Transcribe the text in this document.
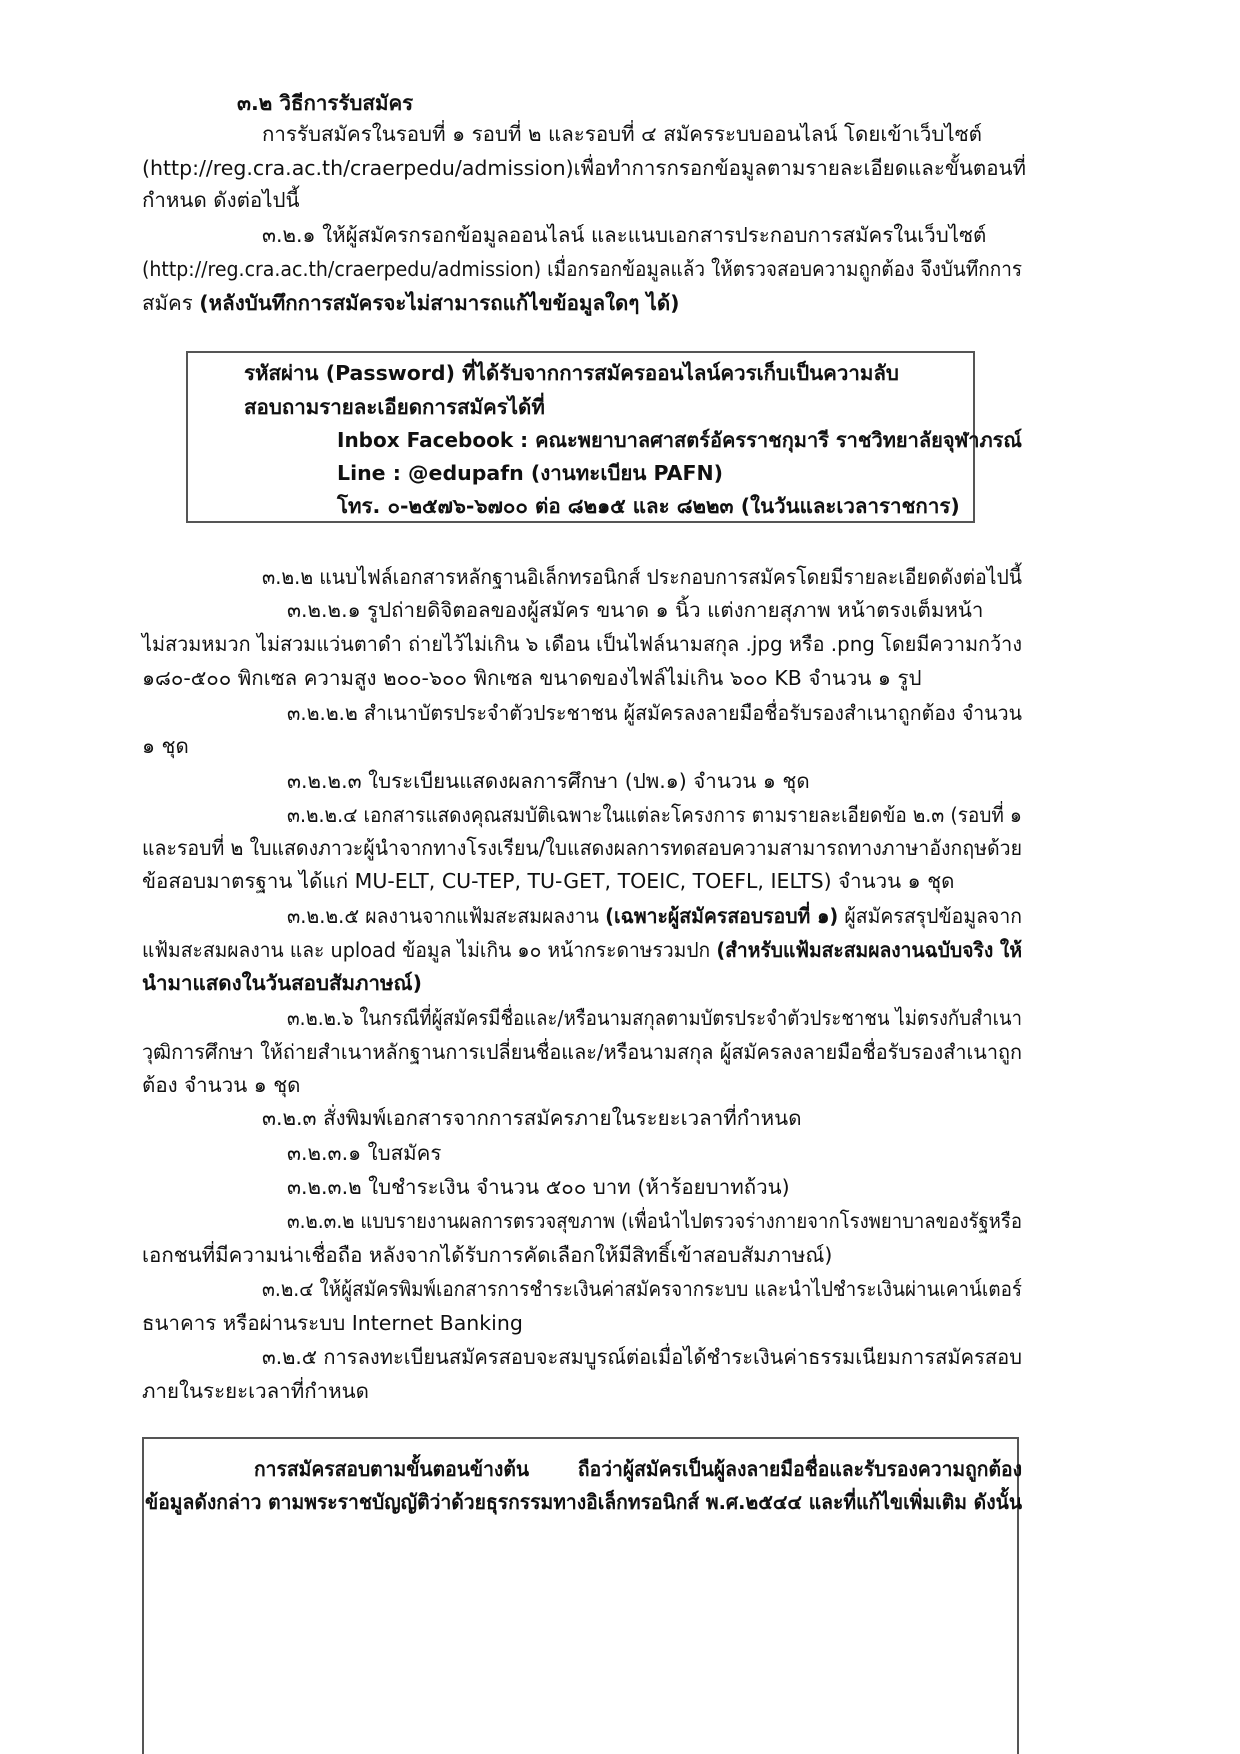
๓.๒ วิธีการรับสมัคร
การรับสมัครในรอบที่ ๑ รอบที่ ๒ และรอบที่ ๔ สมัครระบบออนไลน์ โดยเข้าเว็บไซต์
(http://reg.cra.ac.th/craerpedu/admission) เพื่อทำการกรอกข้อมูลตามรายละเอียด และขั้นตอนที่
กำหนด ดังต่อไปนี้
๓.๒.๑ ให้ผู้สมัครกรอกข้อมูลออนไลน์ และแนบเอกสารประกอบการสมัครในเว็บไซต์
(http://reg.cra.ac.th/craerpedu/admission) เมื่อกรอกข้อมูลแล้ว ให้ตรวจสอบความถูกต้อง จึงบันทึกการ
สมัคร (หลังบันทึกการสมัครจะไม่สามารถแก้ไขข้อมูลใดๆ ได้)
รหัสผ่าน (Password) ที่ได้รับจากการสมัครออนไลน์ควรเก็บเป็นความลับ
สอบถามรายละเอียดการสมัครได้ที่
Inbox Facebook : คณะพยาบาลศาสตร์อัครราชกุมารี ราชวิทยาลัยจุฬาภรณ์
Line : @edupafn (งานทะเบียน PAFN)
โทร. ๐-๒๕๗๖-๖๗๐๐ ต่อ ๘๒๑๕ และ ๘๒๒๓ (ในวันและเวลาราชการ)
๓.๒.๒ แนบไฟล์เอกสารหลักฐานอิเล็กทรอนิกส์ ประกอบการสมัครโดยมีรายละเอียดดังต่อไปนี้
๓.๒.๒.๑ รูปถ่ายดิจิตอลของผู้สมัคร ขนาด ๑ นิ้ว แต่งกายสุภาพ หน้าตรงเต็มหน้า
ไม่สวมหมวก ไม่สวมแว่นตาดำ ถ่ายไว้ไม่เกิน ๖ เดือน เป็นไฟล์นามสกุล .jpg หรือ .png โดยมีความกว้าง
๑๘๐-๕๐๐ พิกเซล ความสูง ๒๐๐-๖๐๐ พิกเซล ขนาดของไฟล์ไม่เกิน ๖๐๐ KB จำนวน ๑ รูป
๓.๒.๒.๒ สำเนาบัตรประจำตัวประชาชน ผู้สมัครลงลายมือชื่อรับรองสำเนาถูกต้อง จำนวน
๑ ชุด
๓.๒.๒.๓ ใบระเบียนแสดงผลการศึกษา (ปพ.๑) จำนวน ๑ ชุด
๓.๒.๒.๔ เอกสารแสดงคุณสมบัติเฉพาะในแต่ละโครงการ ตามรายละเอียดข้อ ๒.๓ (รอบที่ ๑
และรอบที่ ๒ ใบแสดงภาวะผู้นำจากทางโรงเรียน/ใบแสดงผลการทดสอบความสามารถทางภาษาอังกฤษด้วย
ข้อสอบมาตรฐาน ได้แก่ MU-ELT, CU-TEP, TU-GET, TOEIC, TOEFL, IELTS) จำนวน ๑ ชุด
๓.๒.๒.๕ ผลงานจากแฟ้มสะสมผลงาน (เฉพาะผู้สมัครสอบรอบที่ ๑) ผู้สมัครสรุปข้อมูลจาก
แฟ้มสะสมผลงาน และ upload ข้อมูล ไม่เกิน ๑๐ หน้ากระดาษรวมปก (สำหรับแฟ้มสะสมผลงานฉบับจริง ให้
นำมาแสดงในวันสอบสัมภาษณ์)
๓.๒.๒.๖ ในกรณีที่ผู้สมัครมีชื่อและ/หรือนามสกุลตามบัตรประจำตัวประชาชน ไม่ตรงกับสำเนา
วุฒิการศึกษา ให้ถ่ายสำเนาหลักฐานการเปลี่ยนชื่อและ/หรือนามสกุล ผู้สมัครลงลายมือชื่อรับรองสำเนาถูก
ต้อง จำนวน ๑ ชุด
๓.๒.๓ สั่งพิมพ์เอกสารจากการสมัครภายในระยะเวลาที่กำหนด
๓.๒.๓.๑ ใบสมัคร
๓.๒.๓.๒ ใบชำระเงิน จำนวน ๕๐๐ บาท (ห้าร้อยบาทถ้วน)
๓.๒.๓.๒ แบบรายงานผลการตรวจสุขภาพ (เพื่อนำไปตรวจร่างกายจากโรงพยาบาลของรัฐหรือ
เอกชนที่มีความน่าเชื่อถือ หลังจากได้รับการคัดเลือกให้มีสิทธิ์เข้าสอบสัมภาษณ์)
๓.๒.๔ ให้ผู้สมัครพิมพ์เอกสารการชำระเงินค่าสมัครจากระบบ และนำไปชำระเงินผ่านเคาน์เตอร์
ธนาคาร หรือผ่านระบบ Internet Banking
๓.๒.๕ การลงทะเบียนสมัครสอบจะสมบูรณ์ต่อเมื่อได้ชำระเงินค่าธรรมเนียมการสมัครสอบ
ภายในระยะเวลาที่กำหนด
การสมัครสอบตามขั้นตอนข้างต้น ถือว่าผู้สมัครเป็นผู้ลงลายมือชื่อและรับรองความถูกต้อง
ข้อมูลดังกล่าว ตามพระราชบัญญัติว่าด้วยธุรกรรมทางอิเล็กทรอนิกส์ พ.ศ.๒๕๔๔ และที่แก้ไขเพิ่มเติม ดังนั้น
